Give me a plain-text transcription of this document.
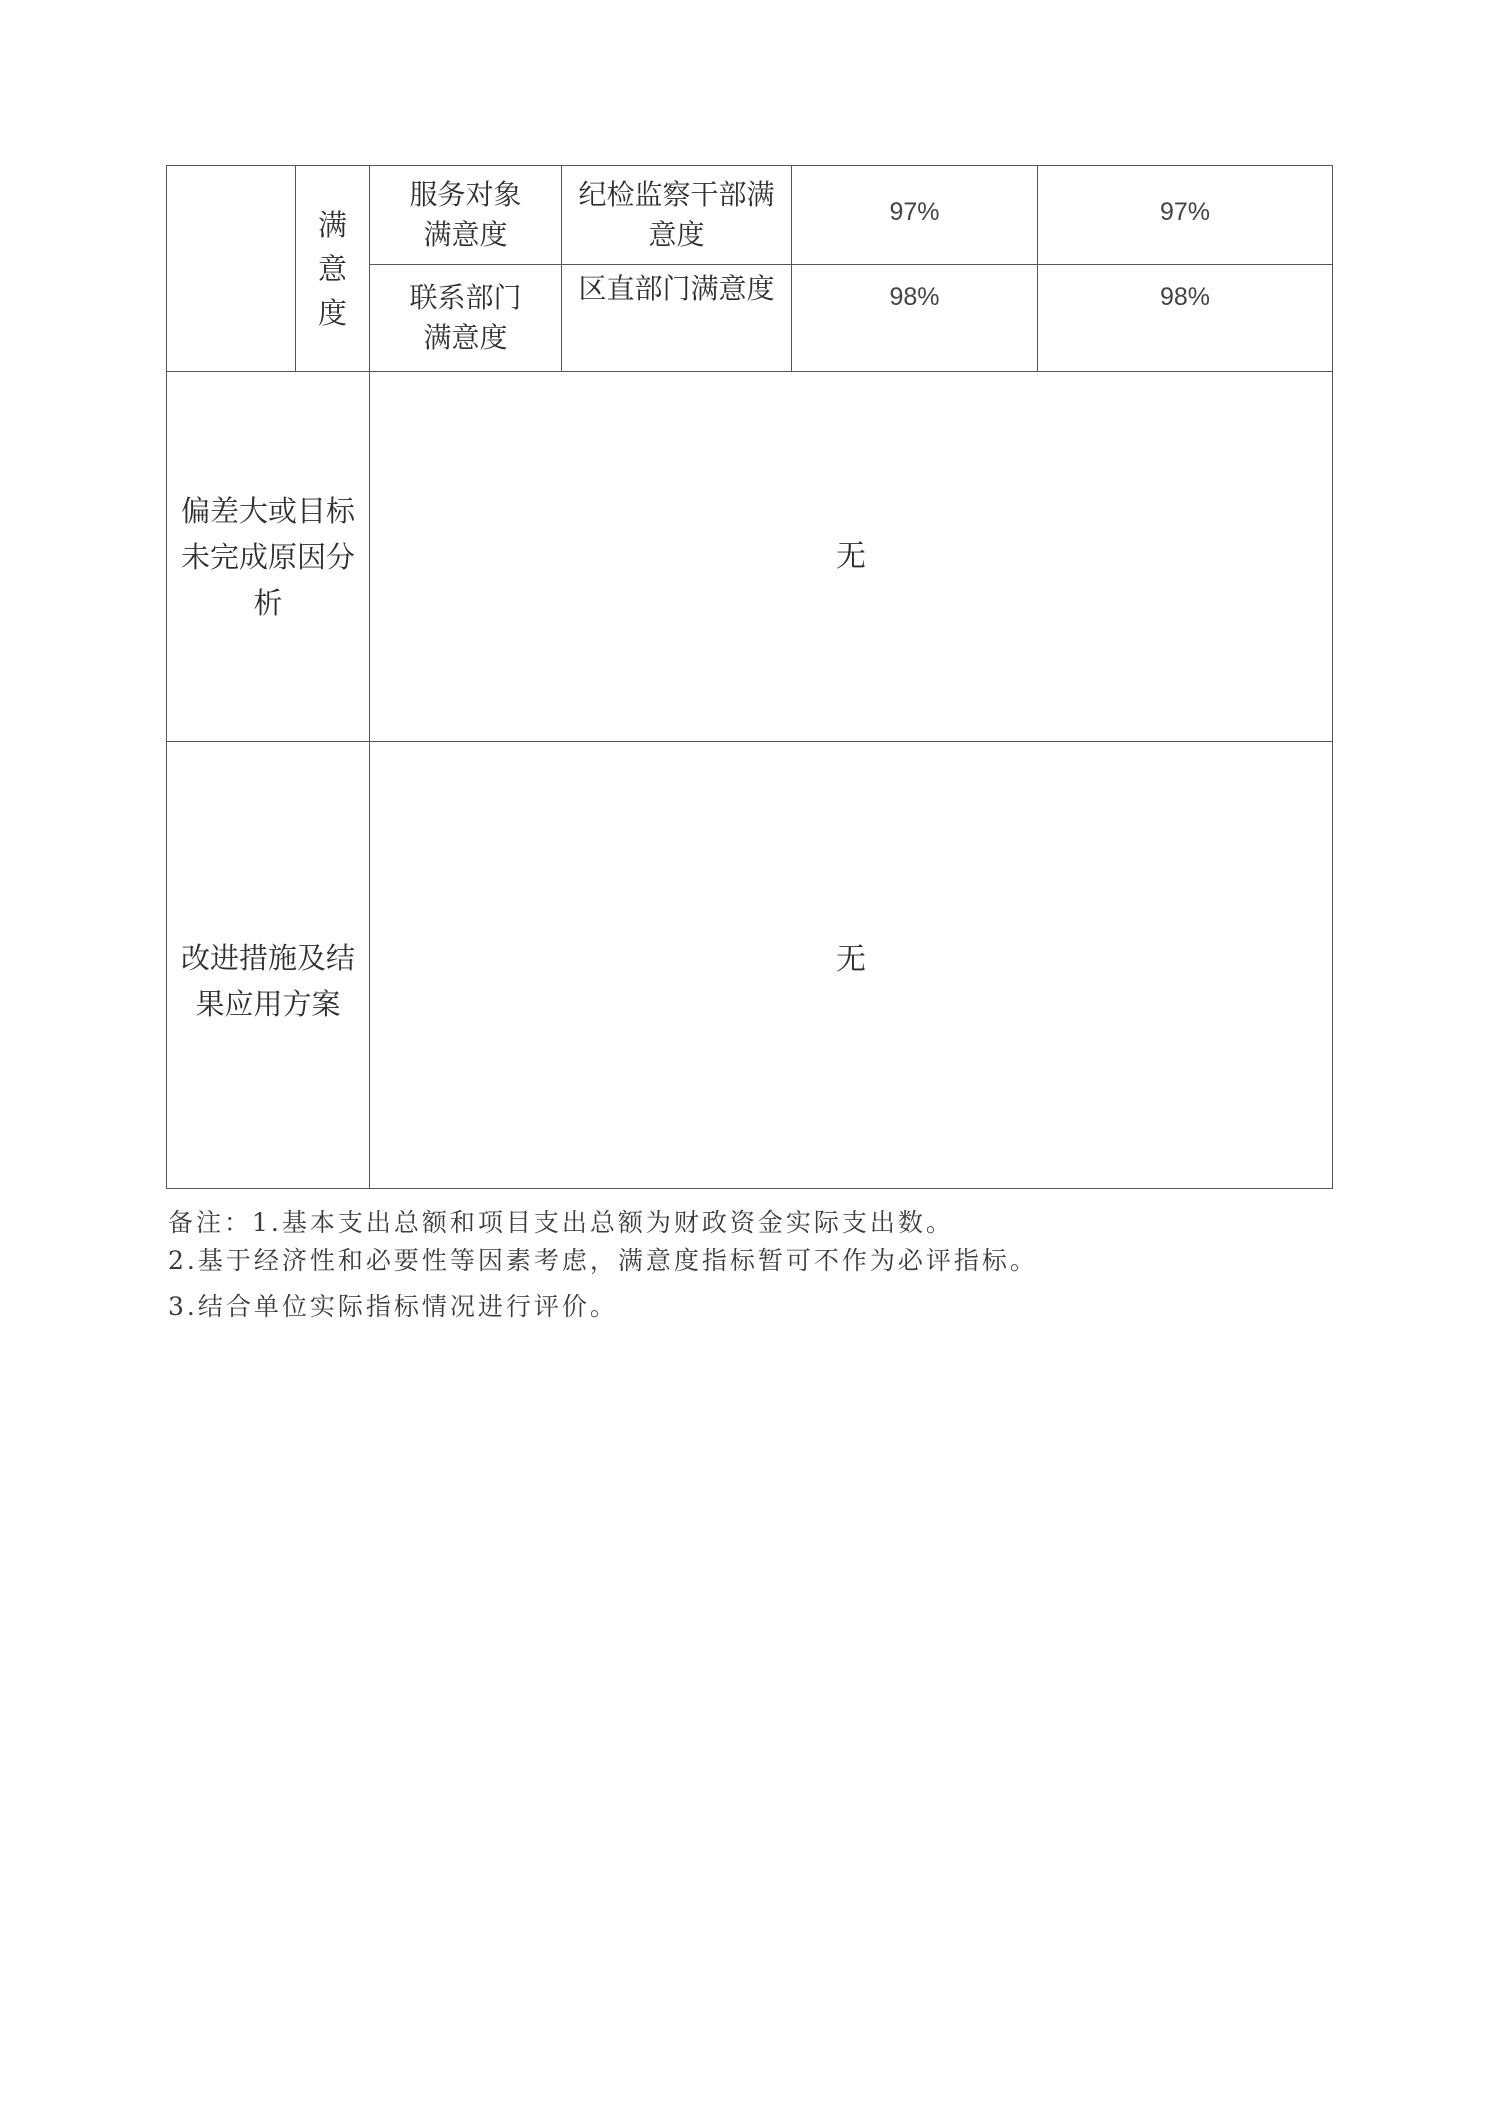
	满意度	服务对象满意度	纪检监察干部满意度	97%	97%

		联系部门满意度	区直部门满意度	98%	98%

偏差大或目标未完成原因分析		无			

改进措施及结果应用方案		无			
备注：1.基本支出总额和项目支出总额为财政资金实际支出数。
2.基于经济性和必要性等因素考虑，满意度指标暂可不作为必评指标。
3.结合单位实际指标情况进行评价。
